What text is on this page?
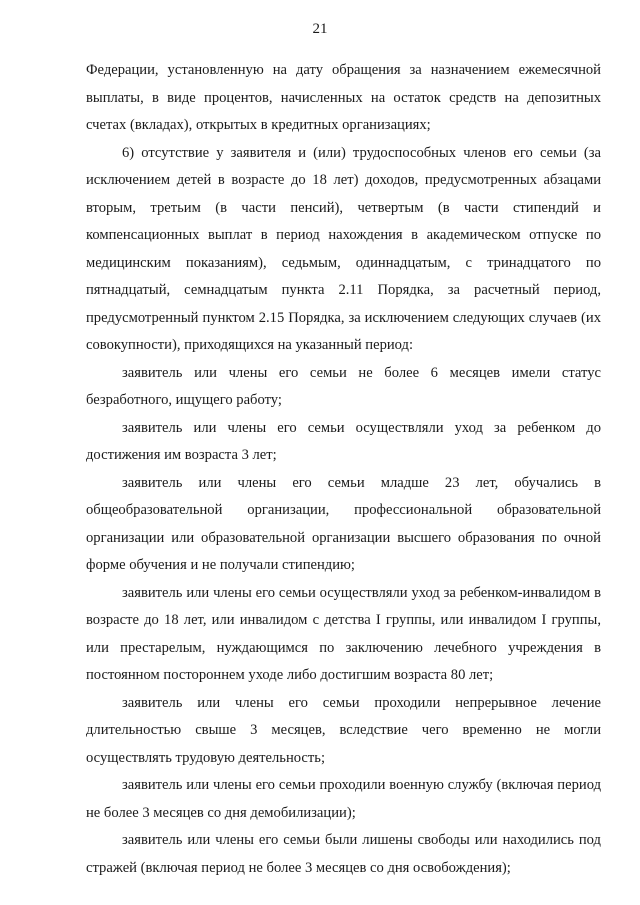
21

Федерации, установленную на дату обращения за назначением ежемесячной выплаты, в виде процентов, начисленных на остаток средств на депозитных счетах (вкладах), открытых в кредитных организациях;

6) отсутствие у заявителя и (или) трудоспособных членов его семьи (за исключением детей в возрасте до 18 лет) доходов, предусмотренных абзацами вторым, третьим (в части пенсий), четвертым (в части стипендий и компенсационных выплат в период нахождения в академическом отпуске по медицинским показаниям), седьмым, одиннадцатым, с тринадцатого по пятнадцатый, семнадцатым пункта 2.11 Порядка, за расчетный период, предусмотренный пунктом 2.15 Порядка, за исключением следующих случаев (их совокупности), приходящихся на указанный период:

заявитель или члены его семьи не более 6 месяцев имели статус безработного, ищущего работу;

заявитель или члены его семьи осуществляли уход за ребенком до достижения им возраста 3 лет;

заявитель или члены его семьи младше 23 лет, обучались в общеобразовательной организации, профессиональной образовательной организации или образовательной организации высшего образования по очной форме обучения и не получали стипендию;

заявитель или члены его семьи осуществляли уход за ребенком-инвалидом в возрасте до 18 лет, или инвалидом с детства I группы, или инвалидом I группы, или престарелым, нуждающимся по заключению лечебного учреждения в постоянном постороннем уходе либо достигшим возраста 80 лет;

заявитель или члены его семьи проходили непрерывное лечение длительностью свыше 3 месяцев, вследствие чего временно не могли осуществлять трудовую деятельность;

заявитель или члены его семьи проходили военную службу (включая период не более 3 месяцев со дня демобилизации);

заявитель или члены его семьи были лишены свободы или находились под стражей (включая период не более 3 месяцев со дня освобождения);
